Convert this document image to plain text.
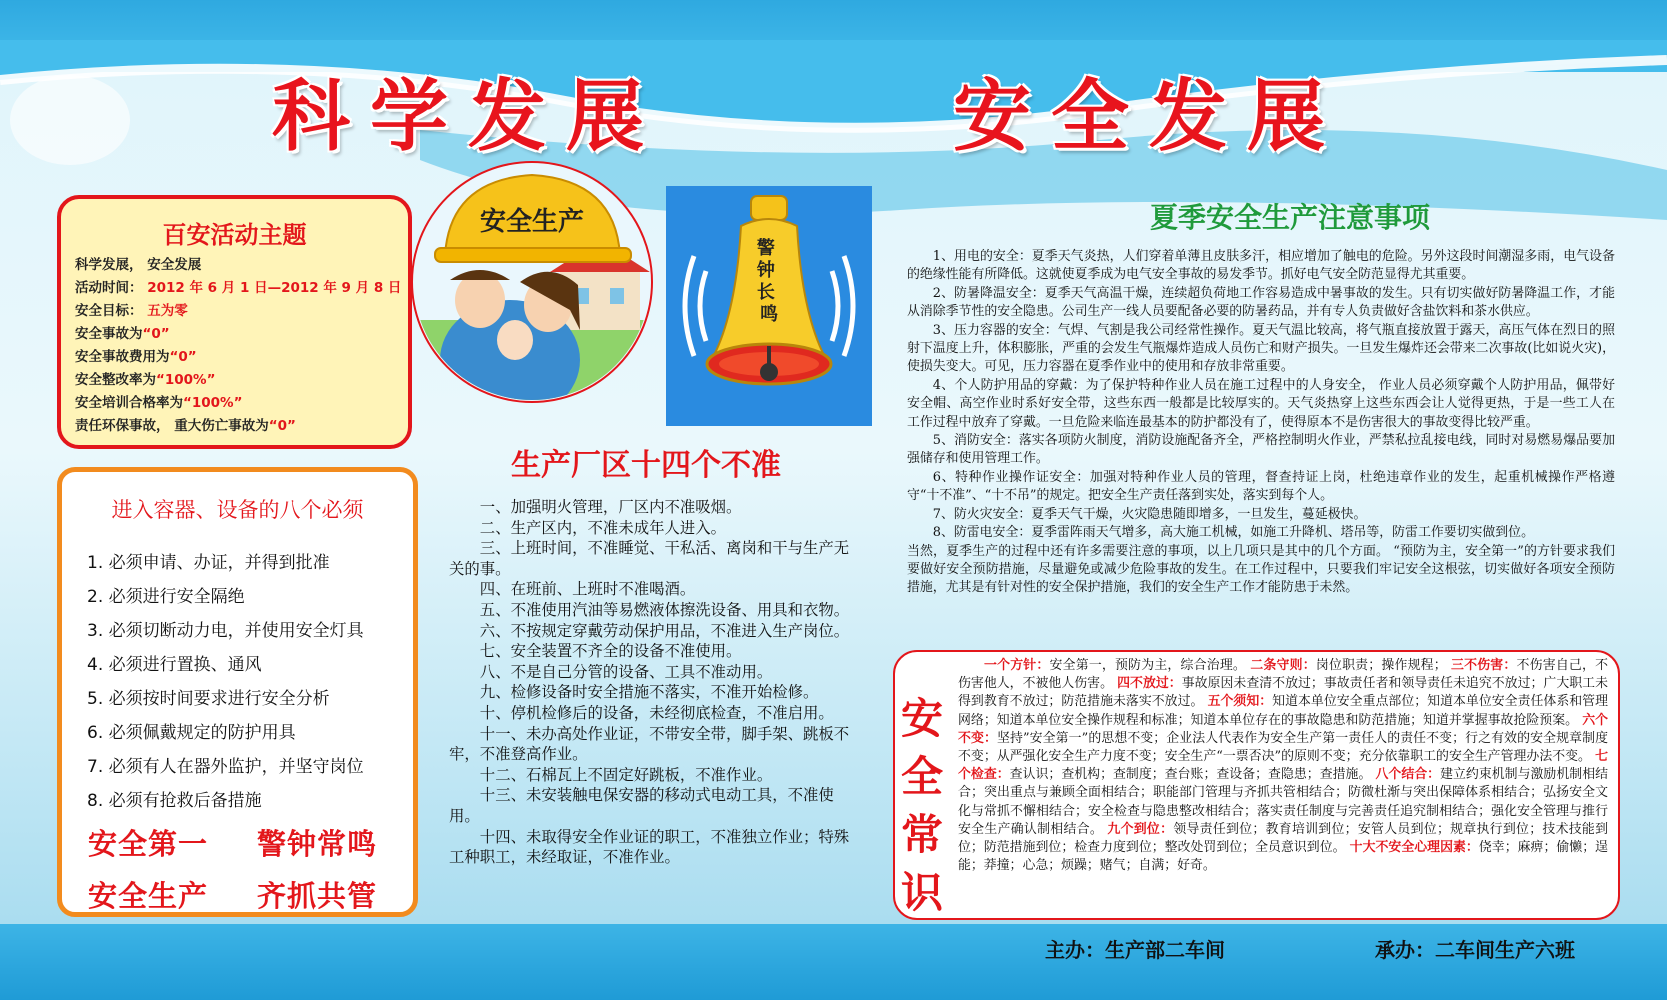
科学发展	安全发展
百安活动主题
科学发展， 安全发展
活动时间： 2012 年 6 月 1 日—2012 年 9 月 8 日
安全目标： 五为零
安全事故为“0”
安全事故费用为“0”
安全整改率为“100%”
安全培训合格率为“100%”
责任环保事故， 重大伤亡事故为“0”
安全生产
警 钟 长 鸣
进入容器、设备的八个必须
1. 必须申请、办证，并得到批准
2. 必须进行安全隔绝
3. 必须切断动力电，并使用安全灯具
4. 必须进行置换、通风
5. 必须按时间要求进行安全分析
6. 必须佩戴规定的防护用具
7. 必须有人在器外监护，并坚守岗位
8. 必须有抢救后备措施
安全第一 警钟常鸣
安全生产 齐抓共管
生产厂区十四个不准

一、加强明火管理，厂区内不准吸烟。

二、生产区内，不准未成年人进入。

三、上班时间，不准睡觉、干私活、离岗和干与生产无关的事。

四、在班前、上班时不准喝酒。

五、不准使用汽油等易燃液体擦洗设备、用具和衣物。

六、不按规定穿戴劳动保护用品，不准进入生产岗位。

七、安全装置不齐全的设备不准使用。

八、不是自己分管的设备、工具不准动用。

九、检修设备时安全措施不落实，不准开始检修。

十、停机检修后的设备，未经彻底检查，不准启用。

十一、未办高处作业证，不带安全带，脚手架、跳板不牢，不准登高作业。

十二、石棉瓦上不固定好跳板，不准作业。

十三、未安装触电保安器的移动式电动工具，不准使用。

十四、未取得安全作业证的职工，不准独立作业；特殊工种职工，未经取证，不准作业。

夏季安全生产注意事项

1、用电的安全：夏季天气炎热，人们穿着单薄且皮肤多汗，相应增加了触电的危险。另外这段时间潮湿多雨，电气设备的绝缘性能有所降低。这就使夏季成为电气安全事故的易发季节。抓好电气安全防范显得尤其重要。

2、防暑降温安全：夏季天气高温干燥，连续超负荷地工作容易造成中暑事故的发生。只有切实做好防暑降温工作，才能从消除季节性的安全隐患。公司生产一线人员要配备必要的防暑药品，并有专人负责做好含盐饮料和茶水供应。

3、压力容器的安全：气焊、气割是我公司经常性操作。夏天气温比较高，将气瓶直接放置于露天，高压气体在烈日的照射下温度上升，体积膨胀，严重的会发生气瓶爆炸造成人员伤亡和财产损失。一旦发生爆炸还会带来二次事故(比如说火灾)，使损失变大。可见，压力容器在夏季作业中的使用和存放非常重要。

4、个人防护用品的穿戴：为了保护特种作业人员在施工过程中的人身安全， 作业人员必须穿戴个人防护用品，佩带好安全帽、高空作业时系好安全带，这些东西一般都是比较厚实的。天气炎热穿上这些东西会让人觉得更热，于是一些工人在工作过程中放弃了穿戴。一旦危险来临连最基本的防护都没有了，使得原本不是伤害很大的事故变得比较严重。

5、消防安全：落实各项防火制度，消防设施配备齐全，严格控制明火作业，严禁私拉乱接电线，同时对易燃易爆品要加强储存和使用管理工作。

6、特种作业操作证安全：加强对特种作业人员的管理，督查持证上岗，杜绝违章作业的发生，起重机械操作严格遵守“十不准”、“十不吊”的规定。把安全生产责任落到实处，落实到每个人。

7、防火灾安全：夏季天气干燥，火灾隐患随即增多，一旦发生，蔓延极快。

8、防雷电安全：夏季雷阵雨天气增多，高大施工机械，如施工升降机、塔吊等，防雷工作要切实做到位。

当然，夏季生产的过程中还有许多需要注意的事项，以上几项只是其中的几个方面。 “预防为主，安全第一”的方针要求我们要做好安全预防措施，尽量避免或减少危险事故的发生。在工作过程中，只要我们牢记安全这根弦，切实做好各项安全预防措施，尤其是有针对性的安全保护措施，我们的安全生产工作才能防患于未然。

安
全
常
识
一个方针：安全第一，预防为主，综合治理。 二条守则：岗位职责；操作规程； 三不伤害：不伤害自己，不伤害他人，不被他人伤害。 四不放过：事故原因未查清不放过；事故责任者和领导责任未追究不放过；广大职工未得到教育不放过；防范措施未落实不放过。 五个须知：知道本单位安全重点部位；知道本单位安全责任体系和管理网络；知道本单位安全操作规程和标准；知道本单位存在的事故隐患和防范措施；知道并掌握事故抢险预案。 六个不变：坚持”安全第一”的思想不变；企业法人代表作为安全生产第一责任人的责任不变；行之有效的安全规章制度不变；从严强化安全生产力度不变；安全生产“一票否决”的原则不变；充分依靠职工的安全生产管理办法不变。 七个检查：查认识；查机构；查制度；查台账；查设备；查隐患；查措施。 八个结合：建立约束机制与激励机制相结合；突出重点与兼顾全面相结合；职能部门管理与齐抓共管相结合；防微杜渐与突出保障体系相结合；弘扬安全文化与常抓不懈相结合；安全检查与隐患整改相结合；落实责任制度与完善责任追究制相结合；强化安全管理与推行安全生产确认制相结合。 九个到位：领导责任到位；教育培训到位；安管人员到位；规章执行到位；技术技能到位；防范措施到位；检查力度到位；整改处罚到位；全员意识到位。 十大不安全心理因素：侥幸；麻痹；偷懒；逞能；莽撞；心急；烦躁；赌气；自满；好奇。
主办：生产部二车间	承办：二车间生产六班
